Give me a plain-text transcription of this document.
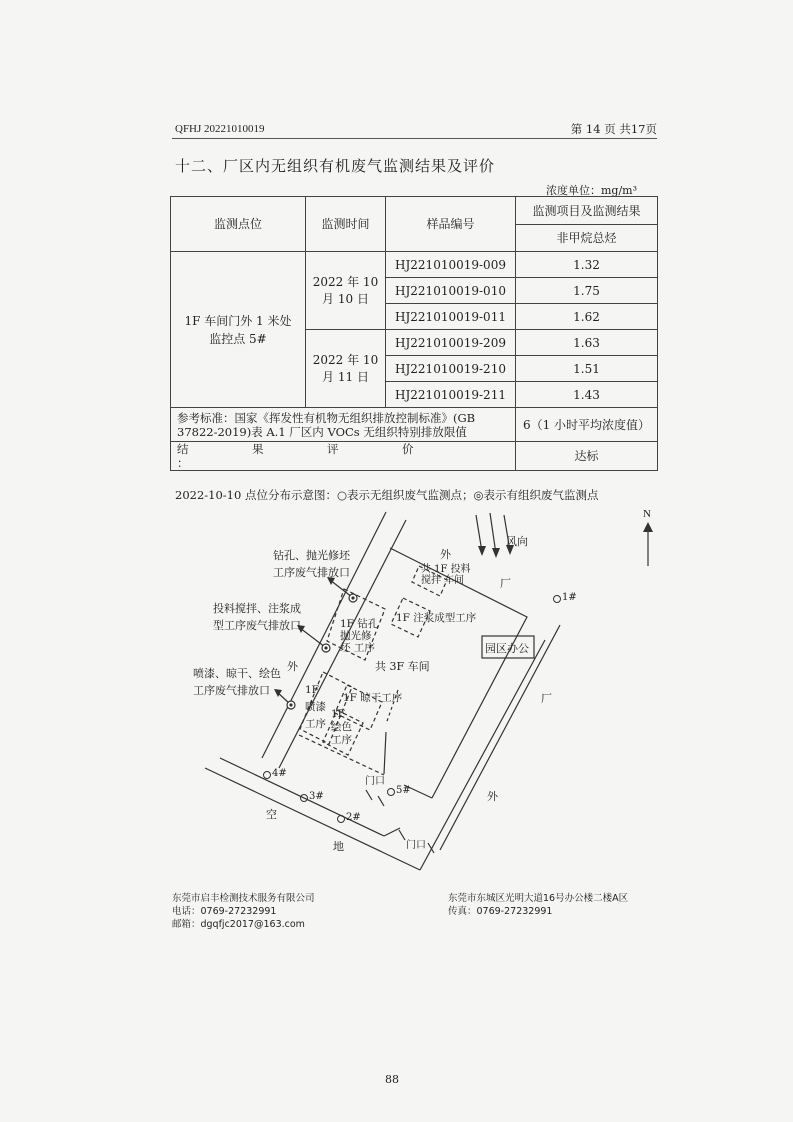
QFHJ 20221010019	第 14 页 共17页
十二、厂区内无组织有机废气监测结果及评价
浓度单位：mg/m³
监测点位	监测时间	样品编号	监测项目及监测结果
			非甲烷总烃
1F 车间门外 1 米处 监控点 5#	2022 年 10 月 10 日	HJ221010019-009	1.32
		HJ221010019-010	1.75
		HJ221010019-011	1.62
	2022 年 10 月 11 日	HJ221010019-209	1.63
		HJ221010019-210	1.51
		HJ221010019-211	1.43
参考标准：国家《挥发性有机物无组织排放控制标准》(GB 37822-2019)表 A.1 厂区内 VOCs 无组织特别排放限值			6（1 小时平均浓度值）
结 果 评 价：			达标
2022-10-10 点位分布示意图：○表示无组织废气监测点；◎表示有组织废气监测点
钻孔、抛光修坯 工序废气排放口
投料搅拌、注浆成 型工序废气排放口
喷漆、晾干、绘色 工序废气排放口
外
外
厂
共 1F 投料搅拌 车间
1F 注浆成型工序
1F 钻孔 抛光修坯 工序
共 3F 车间
1F 喷漆 工序
1F 晾干工序
1F 绘色 工序
园区办公
厂
外
空
地
门口
门口
1#
2#
3#
4#
5#
风向
N
东莞市启丰检测技术服务有限公司
电话：0769-27232991
邮箱：dgqfjc2017@163.com
东莞市东城区光明大道16号办公楼二楼A区
传真：0769-27232991
88
